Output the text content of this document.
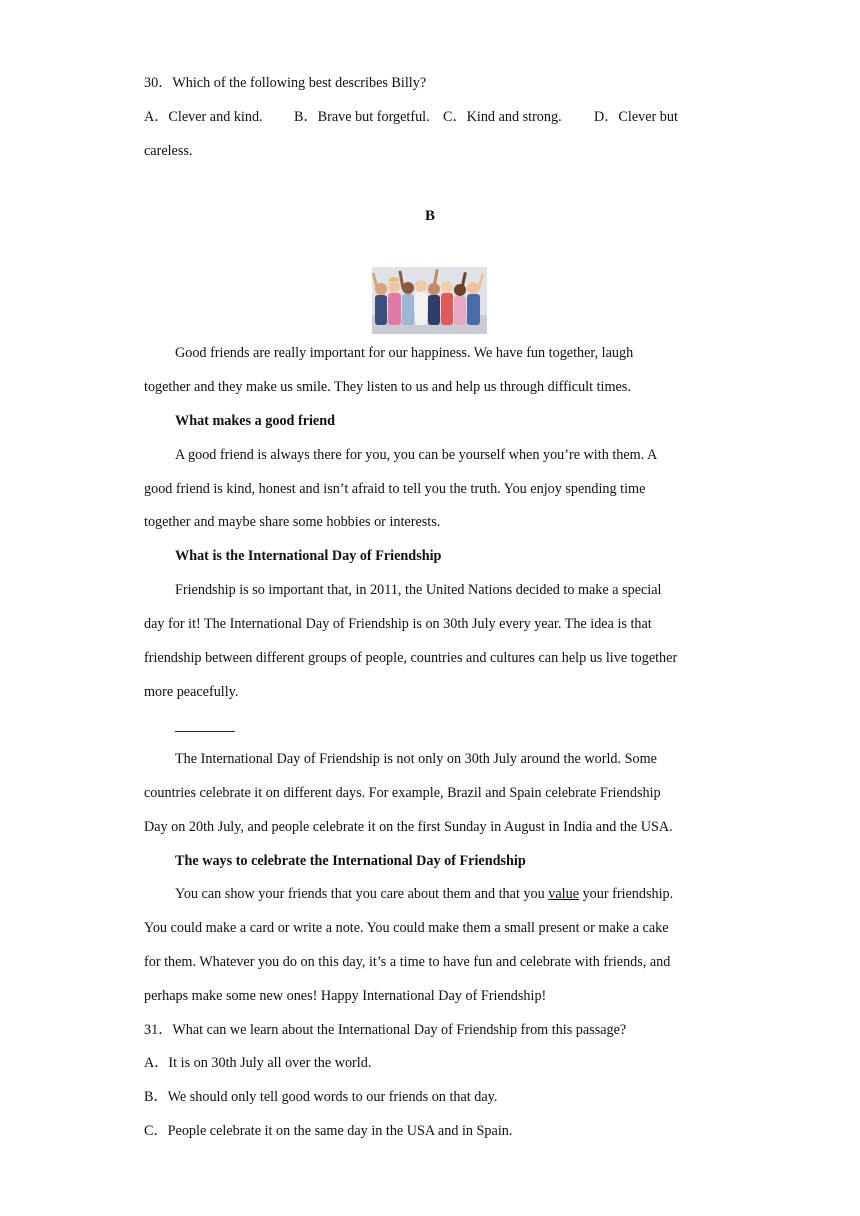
30．Which of the following best describes Billy?
A．Clever and kind. B．Brave but forgetful. C．Kind and strong. D．Clever but
careless.
B
Good friends are really important for our happiness. We have fun together, laugh
together and they make us smile. They listen to us and help us through difficult times.
What makes a good friend
A good friend is always there for you, you can be yourself when you’re with them. A
good friend is kind, honest and isn’t afraid to tell you the truth. You enjoy spending time
together and maybe share some hobbies or interests.
What is the International Day of Friendship
Friendship is so important that, in 2011, the United Nations decided to make a special
day for it! The International Day of Friendship is on 30th July every year. The idea is that
friendship between different groups of people, countries and cultures can help us live together
more peacefully.
The International Day of Friendship is not only on 30th July around the world. Some
countries celebrate it on different days. For example, Brazil and Spain celebrate Friendship
Day on 20th July, and people celebrate it on the first Sunday in August in India and the USA.
The ways to celebrate the International Day of Friendship
You can show your friends that you care about them and that you value your friendship.
You could make a card or write a note. You could make them a small present or make a cake
for them. Whatever you do on this day, it’s a time to have fun and celebrate with friends, and
perhaps make some new ones! Happy International Day of Friendship!
31．What can we learn about the International Day of Friendship from this passage?
A．It is on 30th July all over the world.
B．We should only tell good words to our friends on that day.
C．People celebrate it on the same day in the USA and in Spain.
